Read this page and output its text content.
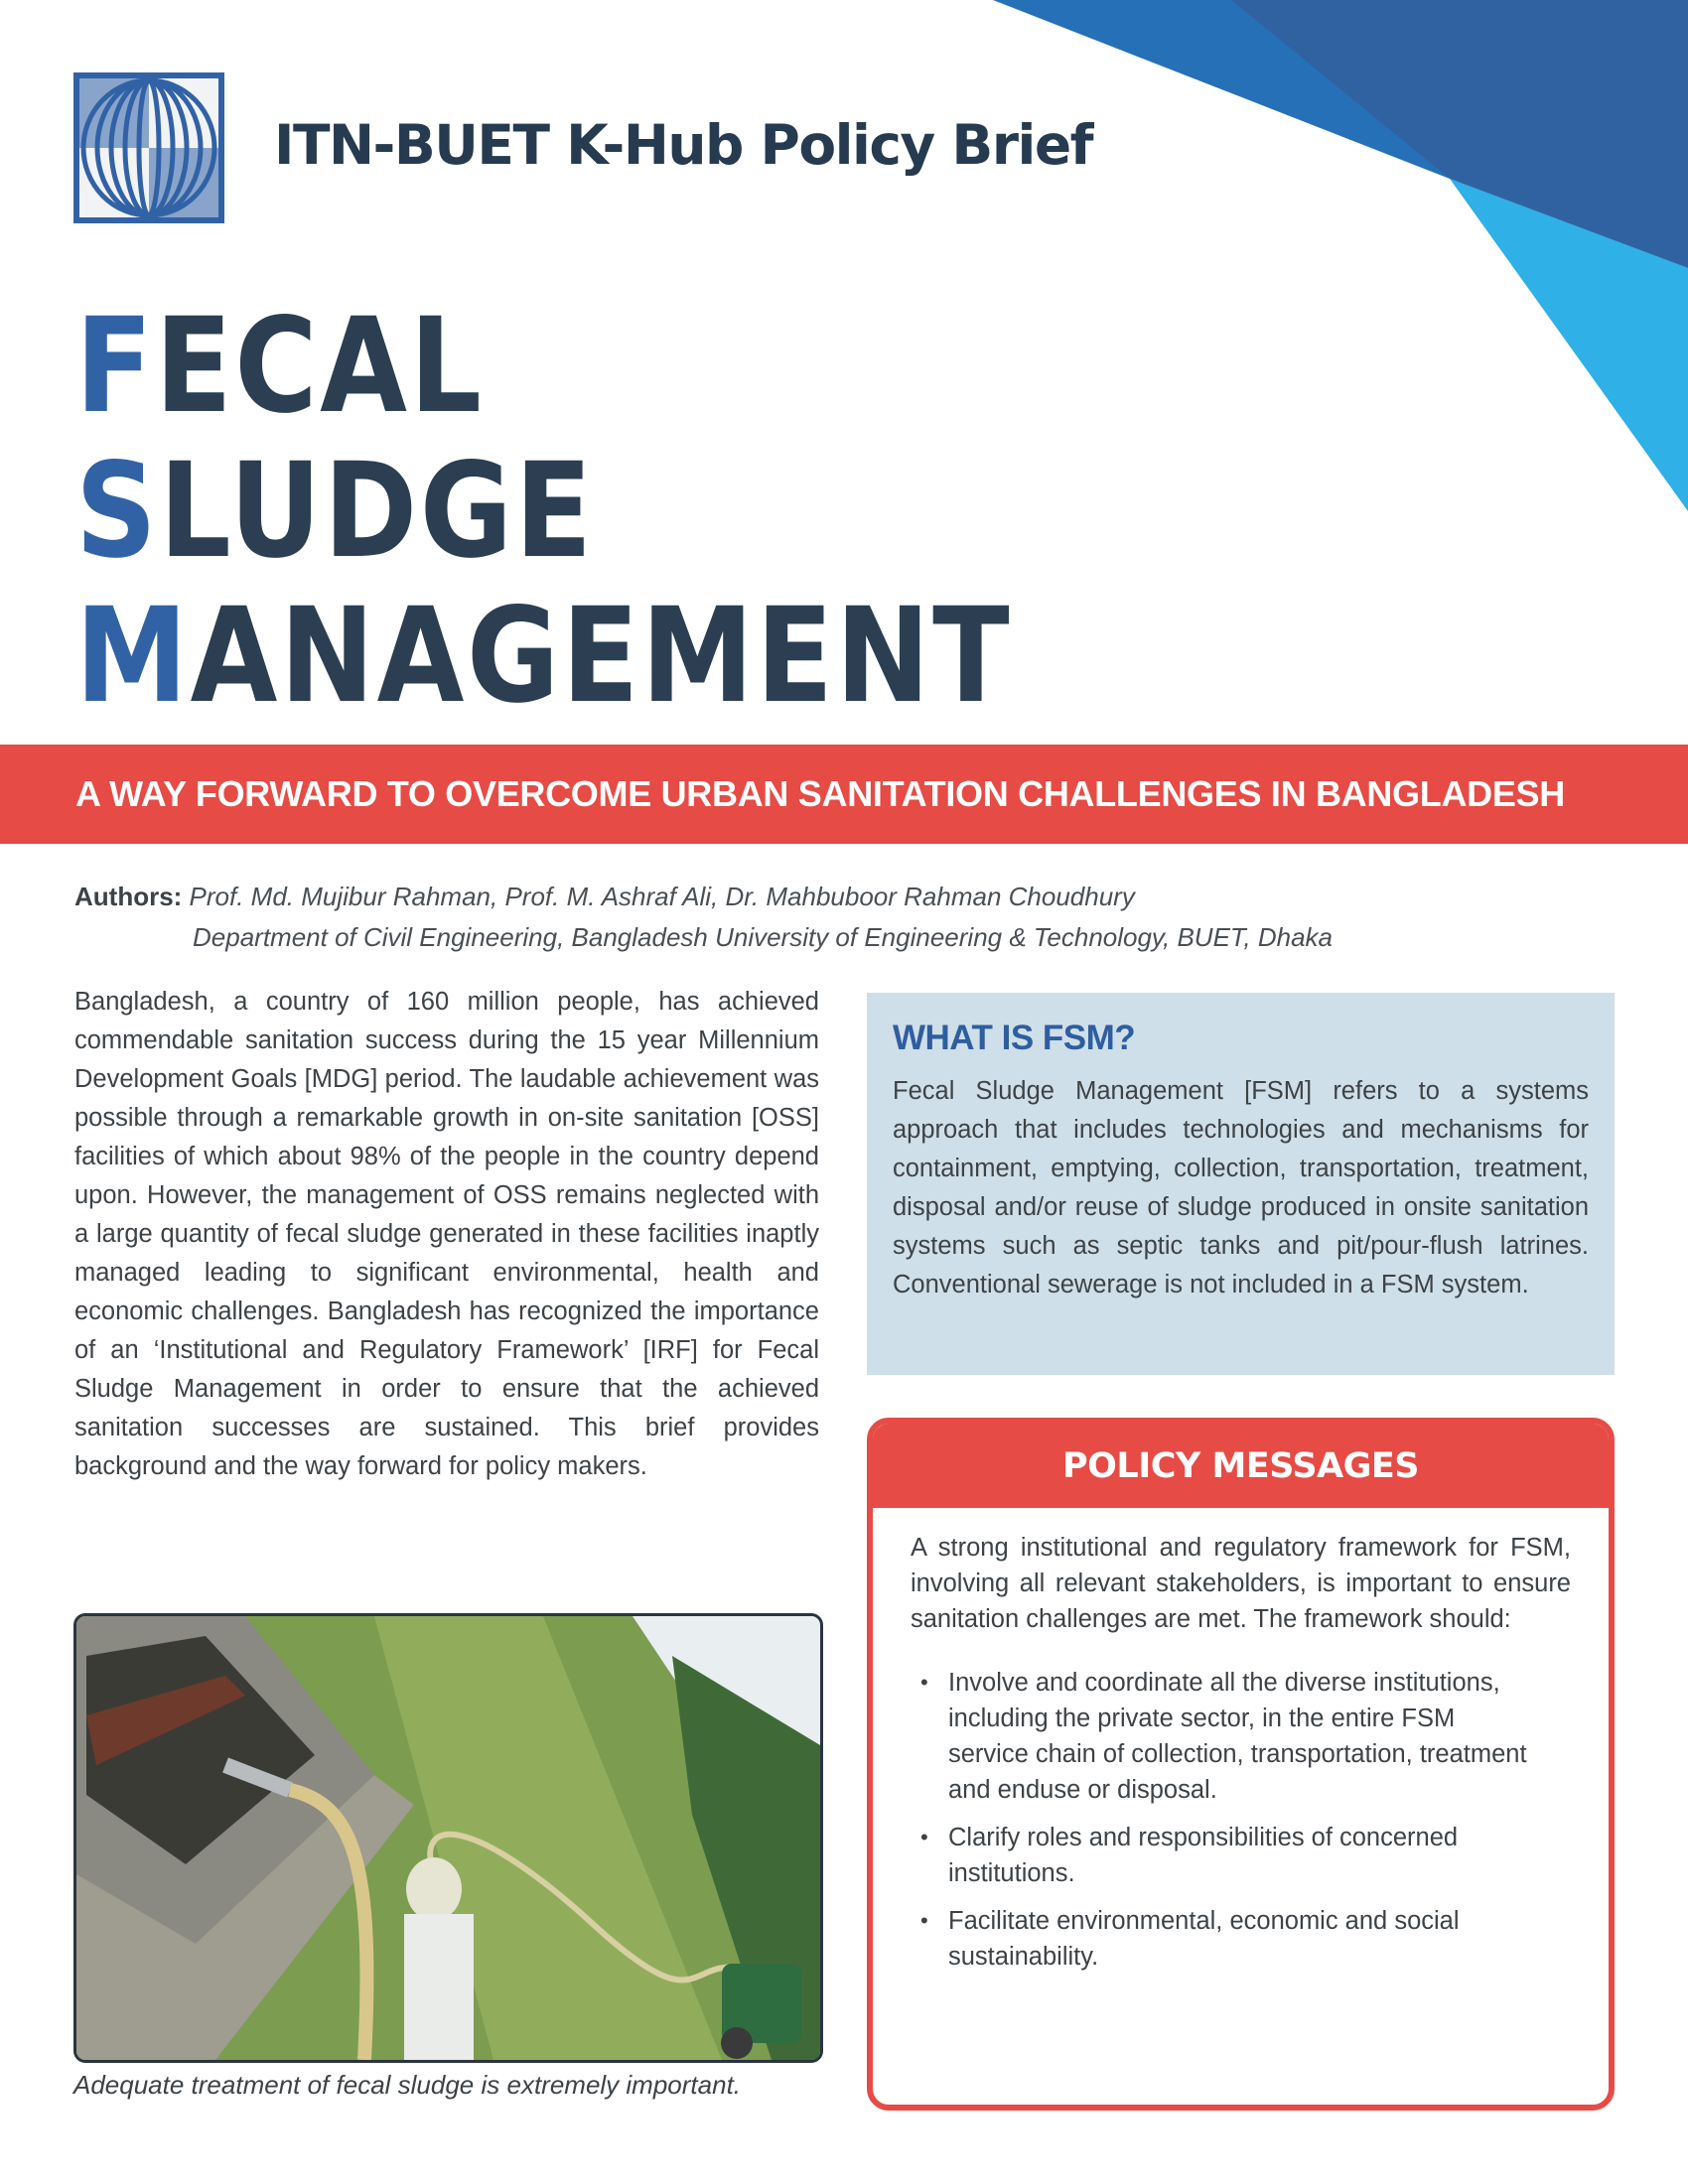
ITN-BUET K-Hub Policy Brief
FECAL
SLUDGE
MANAGEMENT
A WAY FORWARD TO OVERCOME URBAN SANITATION CHALLENGES IN BANGLADESH
Authors: Prof. Md. Mujibur Rahman, Prof. M. Ashraf Ali, Dr. Mahbuboor Rahman Choudhury
Department of Civil Engineering, Bangladesh University of Engineering & Technology, BUET, Dhaka
Bangladesh, a country of 160 million people, has achieved commendable sanitation success during the 15 year Millennium Development Goals [MDG] period. The laudable achievement was possible through a remarkable growth in on-site sanitation [OSS] facilities of which about 98% of the people in the country depend upon. However, the management of OSS remains neglected with a large quantity of fecal sludge generated in these facilities inaptly managed leading to significant environmental, health and economic challenges. Bangladesh has recognized the importance of an ‘Institutional and Regulatory Framework’ [IRF] for Fecal Sludge Management in order to ensure that the achieved sanitation successes are sustained. This brief provides background and the way forward for policy makers.
Adequate treatment of fecal sludge is extremely important.
WHAT IS FSM?

Fecal Sludge Management [FSM] refers to a systems approach that includes technologies and mechanisms for containment, emptying, collection, transportation, treatment, disposal and/or reuse of sludge produced in onsite sanitation systems such as septic tanks and pit/pour-flush latrines. Conventional sewerage is not included in a FSM system.

POLICY MESSAGES

A strong institutional and regulatory framework for FSM, involving all relevant stakeholders, is important to ensure sanitation challenges are met. The framework should:

• Involve and coordinate all the diverse institutions, including the private sector, in the entire FSM service chain of collection, transportation, treatment and enduse or disposal.
• Clarify roles and responsibilities of concerned institutions.
• Facilitate environmental, economic and social sustainability.
